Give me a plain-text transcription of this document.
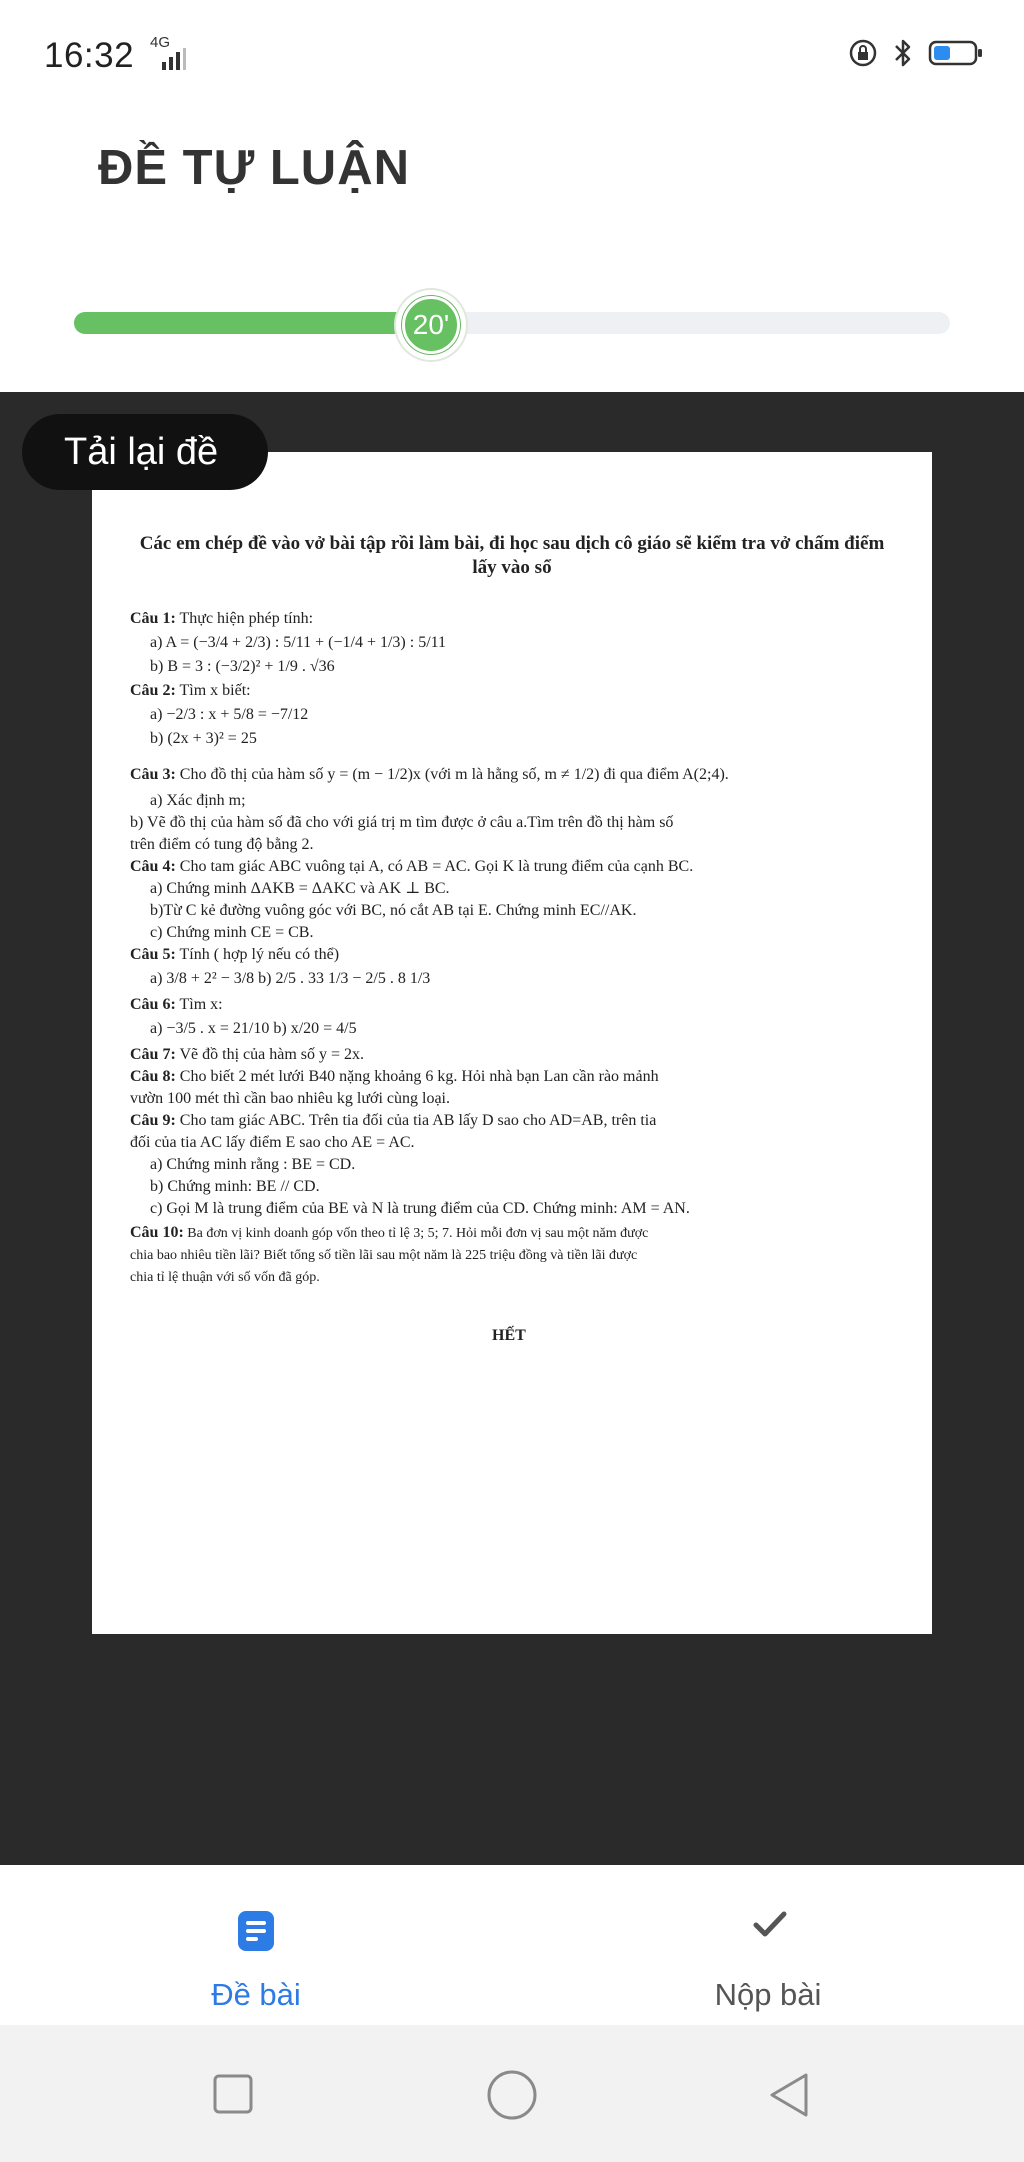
16:32 4G
ĐỀ TỰ LUẬN
20'
Các em chép đề vào vở bài tập rồi làm bài, đi học sau dịch cô giáo sẽ kiểm tra vở chấm điểm lấy vào sổ
Câu 1: Thực hiện phép tính:
a) A = (−3/4 + 2/3) : 5/11 + (−1/4 + 1/3) : 5/11
b) B = 3 : (−3/2)² + 1/9 . √36
Câu 2: Tìm x biết:
a) −2/3 : x + 5/8 = −7/12
b) (2x + 3)² = 25
Câu 3: Cho đồ thị của hàm số y = (m − 1/2)x (với m là hằng số, m ≠ 1/2) đi qua điểm A(2;4).
a) Xác định m;
b) Vẽ đồ thị của hàm số đã cho với giá trị m tìm được ở câu a.Tìm trên đồ thị hàm số
trên điểm có tung độ bằng 2.
Câu 4: Cho tam giác ABC vuông tại A, có AB = AC. Gọi K là trung điểm của cạnh BC.
a) Chứng minh ΔAKB = ΔAKC và AK ⊥ BC.
b)Từ C kẻ đường vuông góc với BC, nó cắt AB tại E. Chứng minh EC//AK.
c) Chứng minh CE = CB.
Câu 5: Tính ( hợp lý nếu có thể)
a) 3/8 + 2² − 3/8 b) 2/5 . 33 1/3 − 2/5 . 8 1/3
Câu 6: Tìm x:
a) −3/5 . x = 21/10 b) x/20 = 4/5
Câu 7: Vẽ đồ thị của hàm số y = 2x.
Câu 8: Cho biết 2 mét lưới B40 nặng khoảng 6 kg. Hỏi nhà bạn Lan cần rào mảnh
vườn 100 mét thì cần bao nhiêu kg lưới cùng loại.
Câu 9: Cho tam giác ABC. Trên tia đối của tia AB lấy D sao cho AD=AB, trên tia
đối của tia AC lấy điểm E sao cho AE = AC.
a) Chứng minh rằng : BE = CD.
b) Chứng minh: BE // CD.
c) Gọi M là trung điểm của BE và N là trung điểm của CD. Chứng minh: AM = AN.
Câu 10: Ba đơn vị kinh doanh góp vốn theo tỉ lệ 3; 5; 7. Hỏi mỗi đơn vị sau một năm được
chia bao nhiêu tiền lãi? Biết tổng số tiền lãi sau một năm là 225 triệu đồng và tiền lãi được
chia tỉ lệ thuận với số vốn đã góp.
HẾT
Tải lại đề
Đề bài	Nộp bài
